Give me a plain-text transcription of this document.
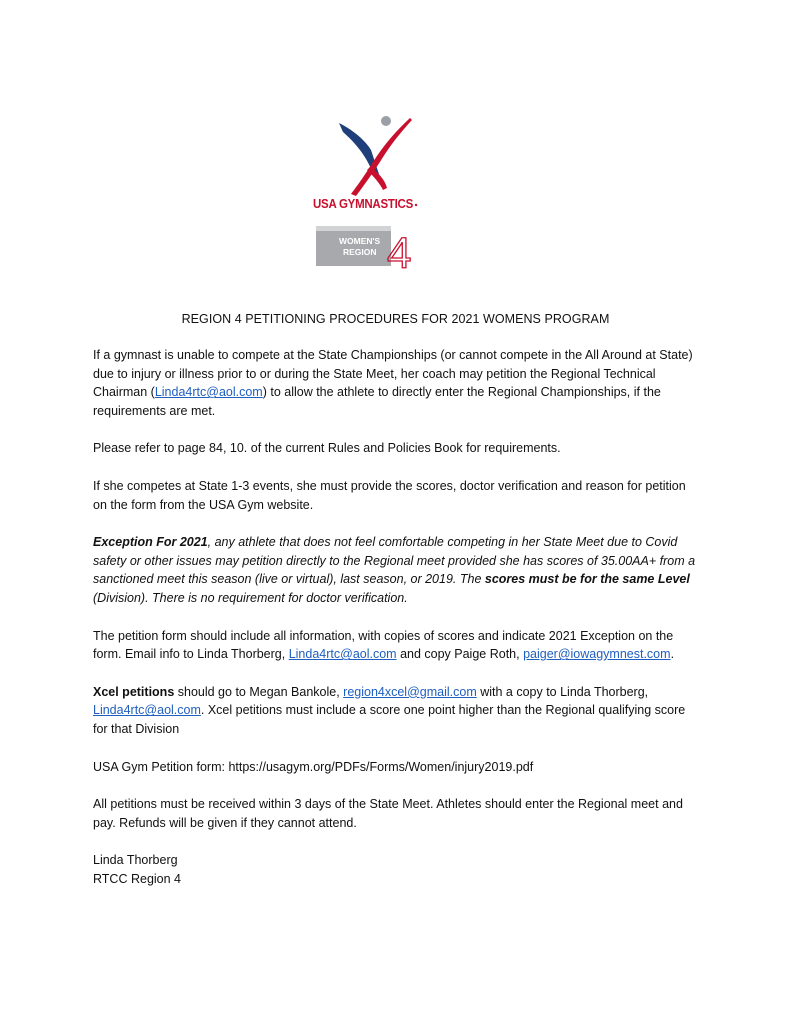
USA GYMNASTICS
WOMEN'S
REGION 4
REGION 4 PETITIONING PROCEDURES FOR 2021 WOMENS PROGRAM

If a gymnast is unable to compete at the State Championships (or cannot compete in the All Around at State) due to injury or illness prior to or during the State Meet, her coach may petition the Regional Technical Chairman (Linda4rtc@aol.com) to allow the athlete to directly enter the Regional Championships, if the requirements are met.

Please refer to page 84, 10. of the current Rules and Policies Book for requirements.

If she competes at State 1-3 events, she must provide the scores, doctor verification and reason for petition on the form from the USA Gym website.

Exception For 2021, any athlete that does not feel comfortable competing in her State Meet due to Covid safety or other issues may petition directly to the Regional meet provided she has scores of 35.00AA+ from a sanctioned meet this season (live or virtual), last season, or 2019. The scores must be for the same Level (Division). There is no requirement for doctor verification.

The petition form should include all information, with copies of scores and indicate 2021 Exception on the form. Email info to Linda Thorberg, Linda4rtc@aol.com and copy Paige Roth, paiger@iowagymnest.com.

Xcel petitions should go to Megan Bankole, region4xcel@gmail.com with a copy to Linda Thorberg, Linda4rtc@aol.com. Xcel petitions must include a score one point higher than the Regional qualifying score for that Division

USA Gym Petition form: https://usagym.org/PDFs/Forms/Women/injury2019.pdf

All petitions must be received within 3 days of the State Meet. Athletes should enter the Regional meet and pay. Refunds will be given if they cannot attend.

Linda Thorberg

RTCC Region 4
